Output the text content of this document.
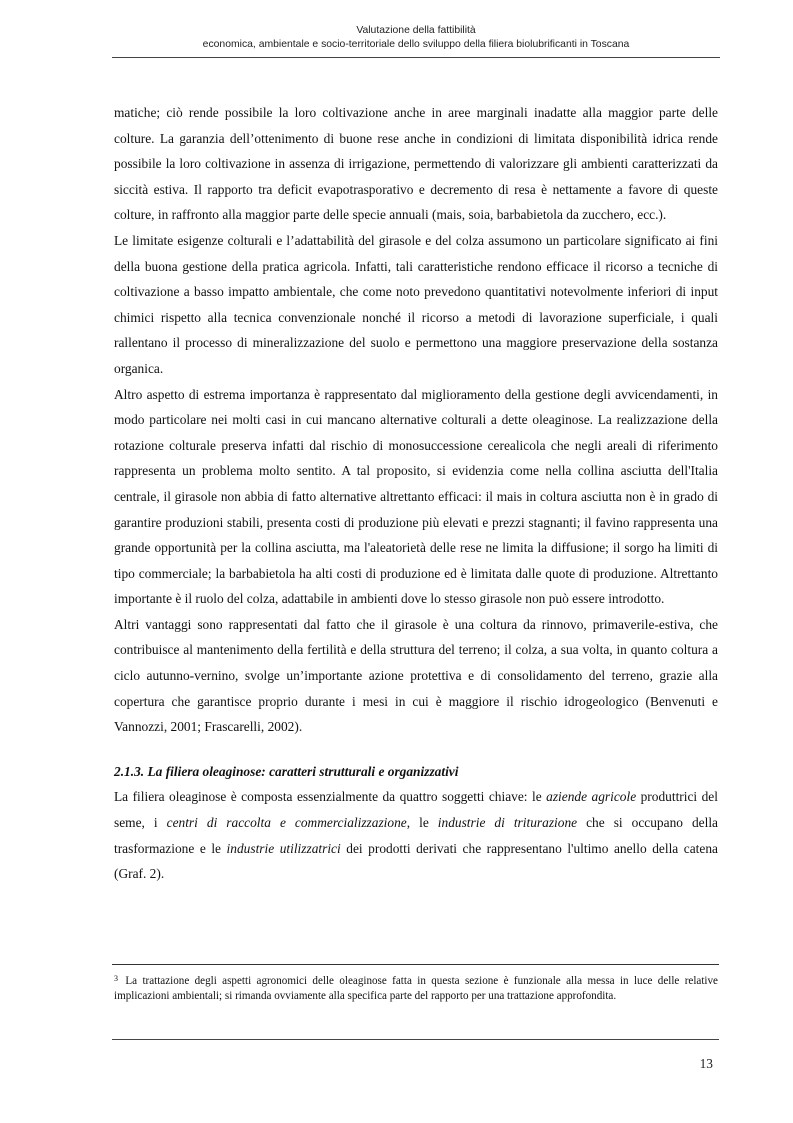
Valutazione della fattibilità
economica, ambientale e socio-territoriale dello sviluppo della filiera biolubrificanti in Toscana

matiche; ciò rende possibile la loro coltivazione anche in aree marginali inadatte alla maggior parte delle colture. La garanzia dell’ottenimento di buone rese anche in condizioni di limitata disponibilità idrica rende possibile la loro coltivazione in assenza di irrigazione, permettendo di valorizzare gli ambienti caratterizzati da siccità estiva. Il rapporto tra deficit evapotrasporativo e decremento di resa è nettamente a favore di queste colture, in raffronto alla maggior parte delle specie annuali (mais, soia, barbabietola da zucchero, ecc.).

Le limitate esigenze colturali e l’adattabilità del girasole e del colza assumono un particolare significato ai fini della buona gestione della pratica agricola. Infatti, tali caratteristiche rendono efficace il ricorso a tecniche di coltivazione a basso impatto ambientale, che come noto prevedono quantitativi notevolmente inferiori di input chimici rispetto alla tecnica convenzionale nonché il ricorso a metodi di lavorazione superficiale, i quali rallentano il processo di mineralizzazione del suolo e permettono una maggiore preservazione della sostanza organica.

Altro aspetto di estrema importanza è rappresentato dal miglioramento della gestione degli avvicendamenti, in modo particolare nei molti casi in cui mancano alternative colturali a dette oleaginose. La realizzazione della rotazione colturale preserva infatti dal rischio di monosuccessione cerealicola che negli areali di riferimento rappresenta un problema molto sentito. A tal proposito, si evidenzia come nella collina asciutta dell'Italia centrale, il girasole non abbia di fatto alternative altrettanto efficaci: il mais in coltura asciutta non è in grado di garantire produzioni stabili, presenta costi di produzione più elevati e prezzi stagnanti; il favino rappresenta una grande opportunità per la collina asciutta, ma l'aleatorietà delle rese ne limita la diffusione; il sorgo ha limiti di tipo commerciale; la barbabietola ha alti costi di produzione ed è limitata dalle quote di produzione. Altrettanto importante è il ruolo del colza, adattabile in ambienti dove lo stesso girasole non può essere introdotto.

Altri vantaggi sono rappresentati dal fatto che il girasole è una coltura da rinnovo, primaverile-estiva, che contribuisce al mantenimento della fertilità e della struttura del terreno; il colza, a sua volta, in quanto coltura a ciclo autunno-vernino, svolge un’importante azione protettiva e di consolidamento del terreno, grazie alla copertura che garantisce proprio durante i mesi in cui è maggiore il rischio idrogeologico (Benvenuti e Vannozzi, 2001; Frascarelli, 2002).

2.1.3. La filiera oleaginose: caratteri strutturali e organizzativi

La filiera oleaginose è composta essenzialmente da quattro soggetti chiave: le aziende agricole produttrici del seme, i centri di raccolta e commercializzazione, le industrie di triturazione che si occupano della trasformazione e le industrie utilizzatrici dei prodotti derivati che rappresentano l'ultimo anello della catena (Graf. 2).

$^3$ La trattazione degli aspetti agronomici delle oleaginose fatta in questa sezione è funzionale alla messa in luce delle relative implicazioni ambientali; si rimanda ovviamente alla specifica parte del rapporto per una trattazione approfondita.
13
